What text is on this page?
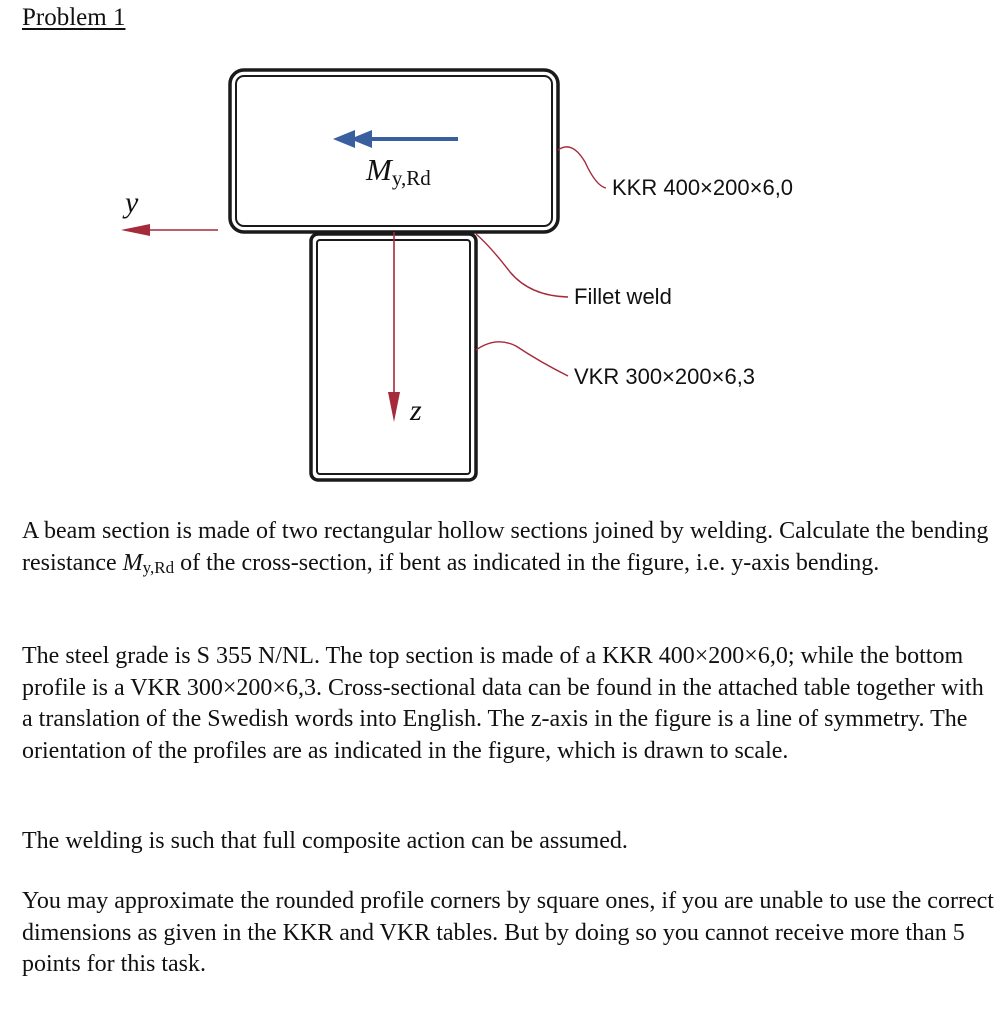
Problem 1
My,Rd
y
z
KKR 400×200×6,0
Fillet weld
VKR 300×200×6,3

A beam section is made of two rectangular hollow sections joined by welding. Calculate the bending resistance My,Rd of the cross-section, if bent as indicated in the figure, i.e. y-axis bending.

The steel grade is S 355 N/NL. The top section is made of a KKR 400×200×6,0; while the bottom profile is a VKR 300×200×6,3. Cross-sectional data can be found in the attached table together with a translation of the Swedish words into English. The z-axis in the figure is a line of symmetry. The orientation of the profiles are as indicated in the figure, which is drawn to scale.

The welding is such that full composite action can be assumed.

You may approximate the rounded profile corners by square ones, if you are unable to use the correct dimensions as given in the KKR and VKR tables. But by doing so you cannot receive more than 5 points for this task.
